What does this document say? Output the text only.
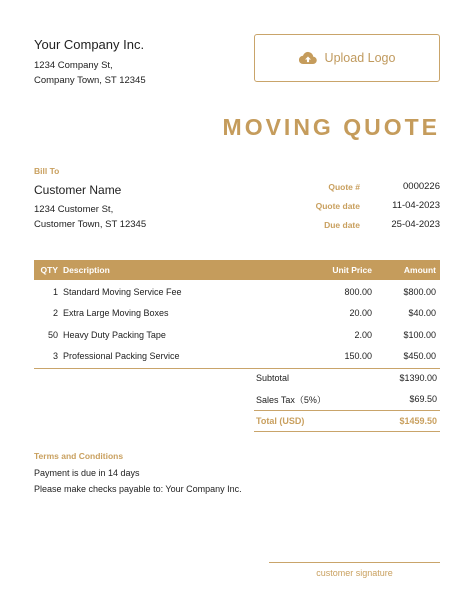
Your Company Inc.
1234 Company St,
Company Town, ST 12345
Upload Logo
MOVING QUOTE
Bill To
Customer Name
1234 Customer St,
Customer Town, ST 12345
Quote #	0000226
Quote date	11-04-2023
Due date	25-04-2023
QTY Description	Unit Price	Amount
1 Standard Moving Service Fee	800.00	$800.00
2 Extra Large Moving Boxes	20.00	$40.00
50 Heavy Duty Packing Tape	2.00	$100.00
3 Professional Packing Service	150.00	$450.00
Subtotal	$1390.00
Sales Tax（5%）	$69.50
Total (USD)	$1459.50
Terms and Conditions
Payment is due in 14 days
Please make checks payable to: Your Company Inc.
customer signature
